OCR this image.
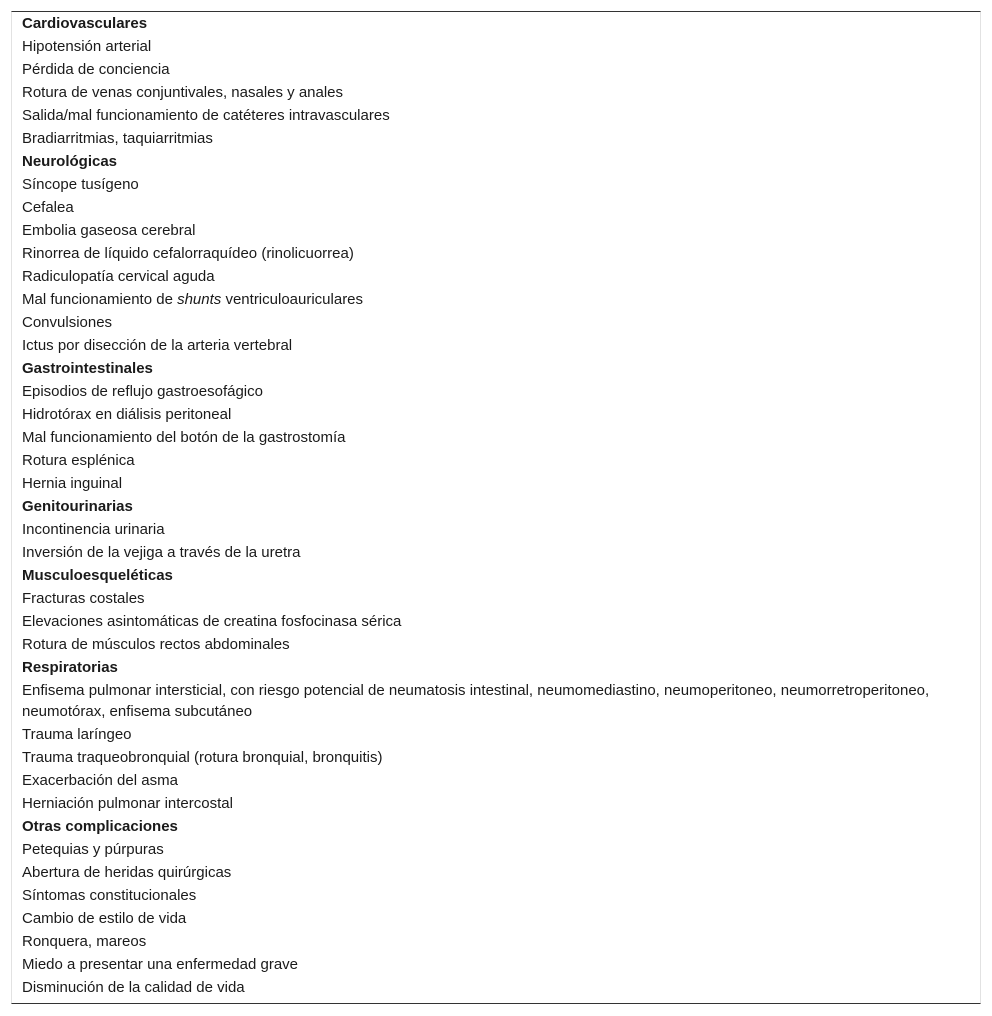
Cardiovasculares
Hipotensión arterial
Pérdida de conciencia
Rotura de venas conjuntivales, nasales y anales
Salida/mal funcionamiento de catéteres intravasculares
Bradiarritmias, taquiarritmias
Neurológicas
Síncope tusígeno
Cefalea
Embolia gaseosa cerebral
Rinorrea de líquido cefalorraquídeo (rinolicuorrea)
Radiculopatía cervical aguda
Mal funcionamiento de shunts ventriculoauriculares
Convulsiones
Ictus por disección de la arteria vertebral
Gastrointestinales
Episodios de reflujo gastroesofágico
Hidrotórax en diálisis peritoneal
Mal funcionamiento del botón de la gastrostomía
Rotura esplénica
Hernia inguinal
Genitourinarias
Incontinencia urinaria
Inversión de la vejiga a través de la uretra
Musculoesqueléticas
Fracturas costales
Elevaciones asintomáticas de creatina fosfocinasa sérica
Rotura de músculos rectos abdominales
Respiratorias
Enfisema pulmonar intersticial, con riesgo potencial de neumatosis intestinal, neumomediastino, neumoperitoneo, neumorretroperitoneo, neumotórax, enfisema subcutáneo
Trauma laríngeo
Trauma traqueobronquial (rotura bronquial, bronquitis)
Exacerbación del asma
Herniación pulmonar intercostal
Otras complicaciones
Petequias y púrpuras
Abertura de heridas quirúrgicas
Síntomas constitucionales
Cambio de estilo de vida
Ronquera, mareos
Miedo a presentar una enfermedad grave
Disminución de la calidad de vida
